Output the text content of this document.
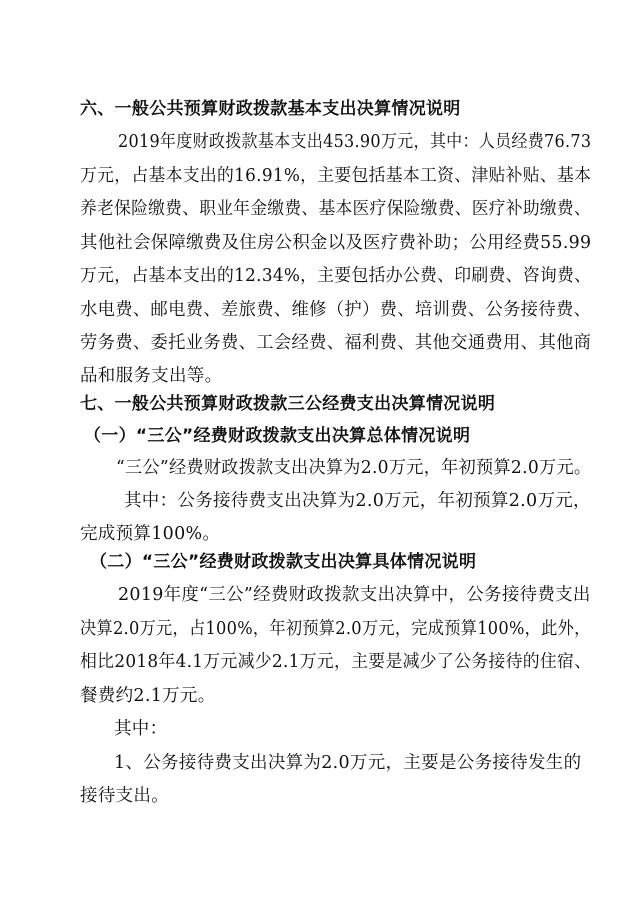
六、一般公共预算财政拨款基本支出决算情况说明
2019年度财政拨款基本支出453.90万元，其中：人员经费76.73
万元，占基本支出的16.91%，主要包括基本工资、津贴补贴、基本
养老保险缴费、职业年金缴费、基本医疗保险缴费、医疗补助缴费、
其他社会保障缴费及住房公积金以及医疗费补助；公用经费55.99
万元，占基本支出的12.34%，主要包括办公费、印刷费、咨询费、
水电费、邮电费、差旅费、维修（护）费、培训费、公务接待费、
劳务费、委托业务费、工会经费、福利费、其他交通费用、其他商
品和服务支出等。
七、一般公共预算财政拨款三公经费支出决算情况说明
（一）“三公”经费财政拨款支出决算总体情况说明
“三公”经费财政拨款支出决算为2.0万元，年初预算2.0万元。
其中：公务接待费支出决算为2.0万元，年初预算2.0万元，
完成预算100%。
（二）“三公”经费财政拨款支出决算具体情况说明
2019年度“三公”经费财政拨款支出决算中，公务接待费支出
决算2.0万元，占100%，年初预算2.0万元，完成预算100%，此外，
相比2018年4.1万元减少2.1万元，主要是减少了公务接待的住宿、
餐费约2.1万元。
其中：
1、公务接待费支出决算为2.0万元，主要是公务接待发生的
接待支出。
